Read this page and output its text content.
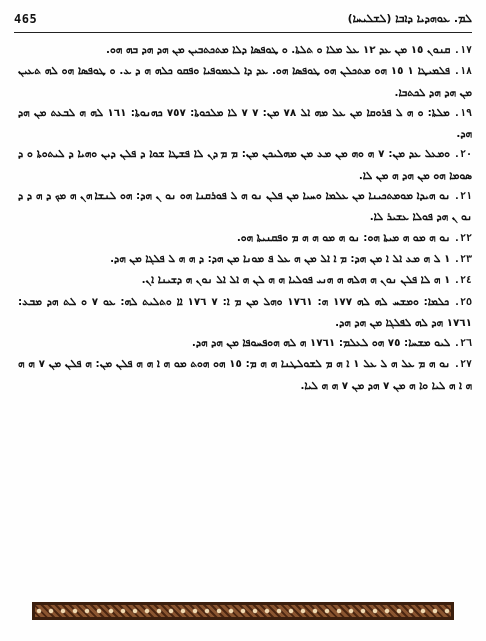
465	ܠܡ. ܥܘܗܕܝܐ ܕܐܒܐ (ܠܫܠܝܚܐ)

١٧. ܩܢܘܢ ١٥ ܡܢ ܥܕ ١٢ ܥܠ ܡܠܐ ܘ ܬܠܬܐ. ܘ ܛܘܦܣܐ ܕܠܐ ܡܬܟܬܒܝܢ ܡܢ ܗܕ ܗܕ ܒܗ ܗܘ.

١٨. ܦܠܡܝܛܐ ١ ١٥ ܗܘ ܡܬܟܠܢ ܗܘ ܛܘܦܣܐ ܗܘ. ܥܕ ܕܐ ܠܥܡܘܦܝܐ ܘܦܩܘ ܟܠܗ ܗ ܕ ܥ. ܘ ܛܘܦܣܐ ܗܘ ܠܗ ܬܥܝܢ ܡܢ ܗܕ ܗܕ ܠܟܬܒܐ.

١٩. ܡܠܬܐ: ܘ ܗ ܠ ܦܪܘܩܐ ܡܢ ܥܠ ܡܗ ܐܠ ٧٨ ܡܢ: ٧ ٧ ܠܐ ܡܠܟܘܬܐ: ٧٥٧ ܟܗܢܘܬܐ: ١٦١ ܠܗ ܗ ܠܒܥܬ ܡܢ ܗܕ ܗܕ.

٢٠. ܘܡܥܠ ܥܕ ܡܢ: ٧ ܗ ܘܗ ܡܢ ܡܥ ܡܢ ܡܗܠܝܟܢ ܡܢ: ܡ ܡ ܕܢ ܠܐ ܦܫܛܐ ܫܘܐ ܕ ܦܠܢ ܕܝܢ ܘܗܝܐ ܕ ܠܝܬܘܬܐ ܘ ܕ ܣܘܡܐ ܗܘ ܡܢ ܗܕ ܗ ܡܢ ܠܐ.

٢١. ܢܘ ܗܝܕܐ ܡܘܡܬܟܝܢܐ ܡܢ ܥܠܡܐ ܘܚܝܐ ܡܢ ܦܠܢ ܢܘ ܗ ܠ ܦܘܪܩܢܐ ܗܘ ܢܘ ܢ ܗܕ: ܗܘ ܠܢܫܐ ܗܢ ܗ ܡܟ ܕ ܗ ܕ ܕ ܢܘ ܢ ܗܕ ܦܘܠܐ ܥܫܝܪ ܠܐ.

٢٢. ܢܘ ܗ ܡܘ ܗ ܡܝܬܐ ܗܘ: ܢܘ ܗ ܡܘ ܗ ܗ ܡ ܘܦܩܢܝܬܐ ܗܘ.

٢٣. ١ ܠ ܗ ܡܥ ܐܠ ܐ ܡܢ ܗܕ: ܡ ܐ ܐܠ ܡܢ ܗ ܥܠ ܦ ܡܘܢܐ ܡܢ ܗܕ: ܕ ܗ ܗ ܠ ܦܠܓܐ ܡܢ ܗܕ.

٢٤. ١ ܗ ܠܐ ܦܠܢ ܢܘܢ ܗ ܗܠܗ ܗ ܗܢܝ ܦܘܠܝܐ ܗ ܗ ܠܢ ܗ ܐܠ ܐܠ ܢܘܢ ܗ ܕܫܝܢܐ ܐܢ.

٢٥. ܟܠܡܐ: ܘܡܫܚ ܠܗ ܠܗ ١٧٧ ܗ: ١٧٦١ ܘܗܠ ܡܢ ܡ ܐ: ٧ ١٧٦ ܐܐ ܘܬܠܝܬ ܠܗ: ܥܘ ٧ ܘ ܠܬ ܗܕ ܡܒܥ: ١٧٦١ ܗܕ ܠܗ ܠܦܠܓܐ ܡܢ ܗܕ ܗܕ.

٢٦. ܠܝܘ ܡܫܚܐ: ٧٥ ܗܘ ܠܥܠܡ: ١٧٦١ ܗ ܠܗ ܗܘܦܚܘܦܐ ܡܢ ܗܕ ܗܕ.

٢٧. ܢܘ ܗ ܡ ܥܠ ܗ ܠ ܥܠ ١ ܐ ܗ ܡ ܠܫܘܠܛܢܐ ܗ ܗ ܡ: ١٥ ܗܘ ܗܘܬ ܡܘ ܗ ܐ ܗ ܗ ܦܠܢ ܡܢ: ܗ ܦܠܢ ܡܢ ٧ ܗ ܗ ܗ ܐ ܗ ܠܝܐ ܘܐ ܗ ܡܢ ٧ ܗܕ ܡܢ ٧ ܗ ܗ ܠܝܐ.
